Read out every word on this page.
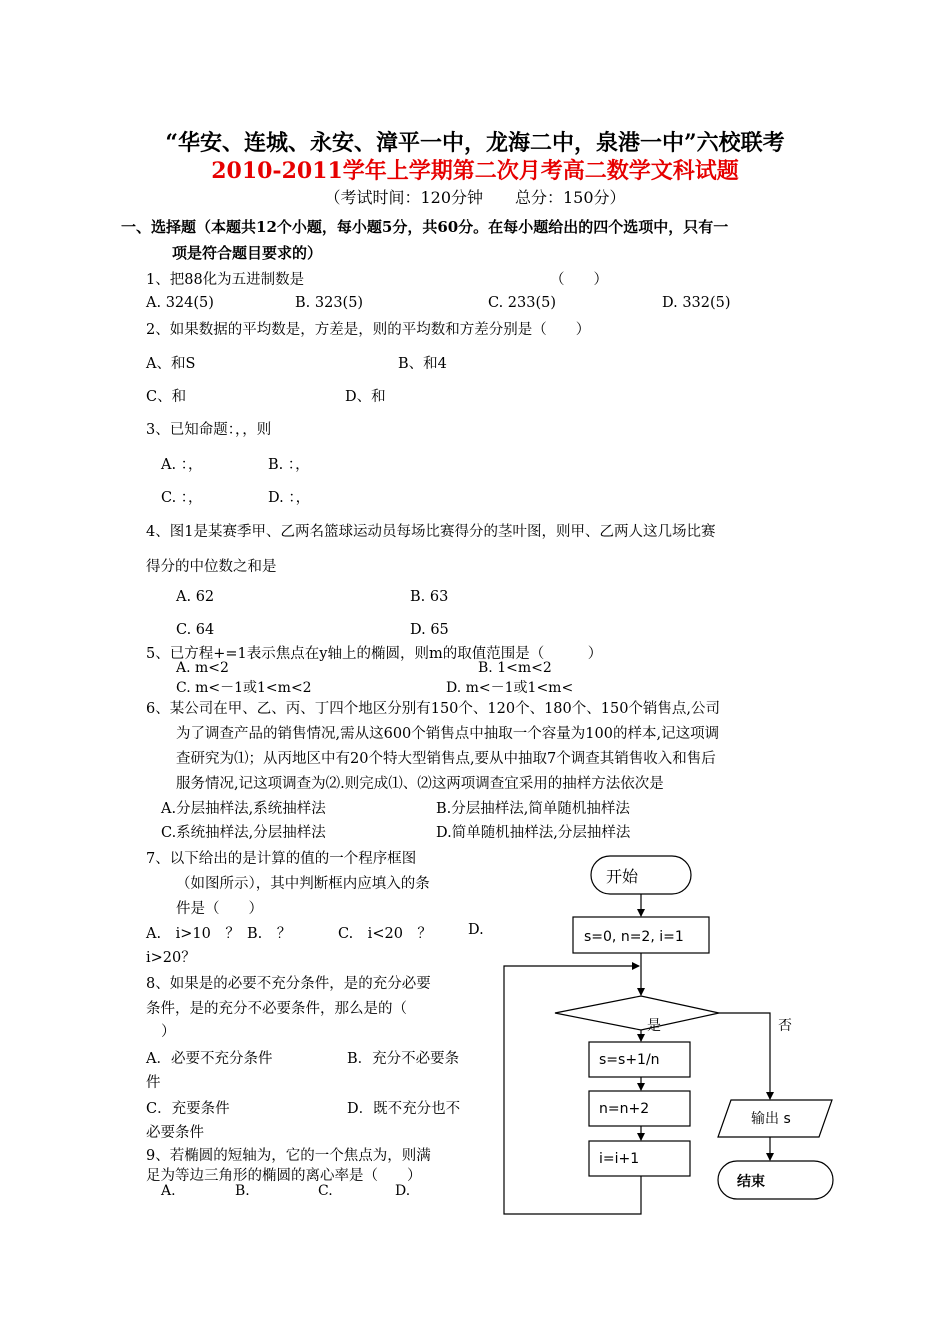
“华安、连城、永安、漳平一中，龙海二中，泉港一中”六校联考
2010-2011学年上学期第二次月考高二数学文科试题
（考试时间：120分钟　　总分：150分）
一、选择题（本题共12个小题，每小题5分，共60分。在每小题给出的四个选项中，只有一
项是符合题目要求的）
1、把88化为五进制数是	（　　）
A. 324(5)	B. 323(5)	C. 233(5)	D. 332(5)
2、如果数据的平均数是，方差是，则的平均数和方差分别是（　　）
A、和S	B、和4
C、和	D、和
3、已知命题：，，则
A. ：，	B. ：，
C. ：，	D. ：，
4、图1是某赛季甲、乙两名篮球运动员每场比赛得分的茎叶图，则甲、乙两人这几场比赛
得分的中位数之和是
A. 62	B. 63
C. 64	D. 65
5、已方程+=1表示焦点在y轴上的椭圆，则m的取值范围是（　　　）
A. m<2	B. 1<m<2
C. m<－1或1<m<2	D. m<－1或1<m<
6、某公司在甲、乙、丙、丁四个地区分别有150个、120个、180个、150个销售点,公司
为了调查产品的销售情况,需从这600个销售点中抽取一个容量为100的样本,记这项调
查研究为⑴；从丙地区中有20个特大型销售点,要从中抽取7个调查其销售收入和售后
服务情况,记这项调查为⑵.则完成⑴、⑵这两项调查宜采用的抽样方法依次是
A.分层抽样法,系统抽样法	B.分层抽样法,简单随机抽样法
C.系统抽样法,分层抽样法	D.简单随机抽样法,分层抽样法
7、以下给出的是计算的值的一个程序框图
（如图所示），其中判断框内应填入的条
件是（　　）
A.　i>10　？ B.　？	C.　i<20　？ D.
i>20？
8、如果是的必要不充分条件，是的充分必要
条件，是的充分不必要条件，那么是的（
）
A．必要不充分条件	B．充分不必要条
件
C．充要条件	D．既不充分也不
必要条件
9、若椭圆的短轴为，它的一个焦点为，则满
足为等边三角形的椭圆的离心率是（　　）
A.	B.	C.	D.
开始
s=0, n=2, i=1
是	否
s=s+1/n
n=n+2
i=i+1
输出 s
结束
